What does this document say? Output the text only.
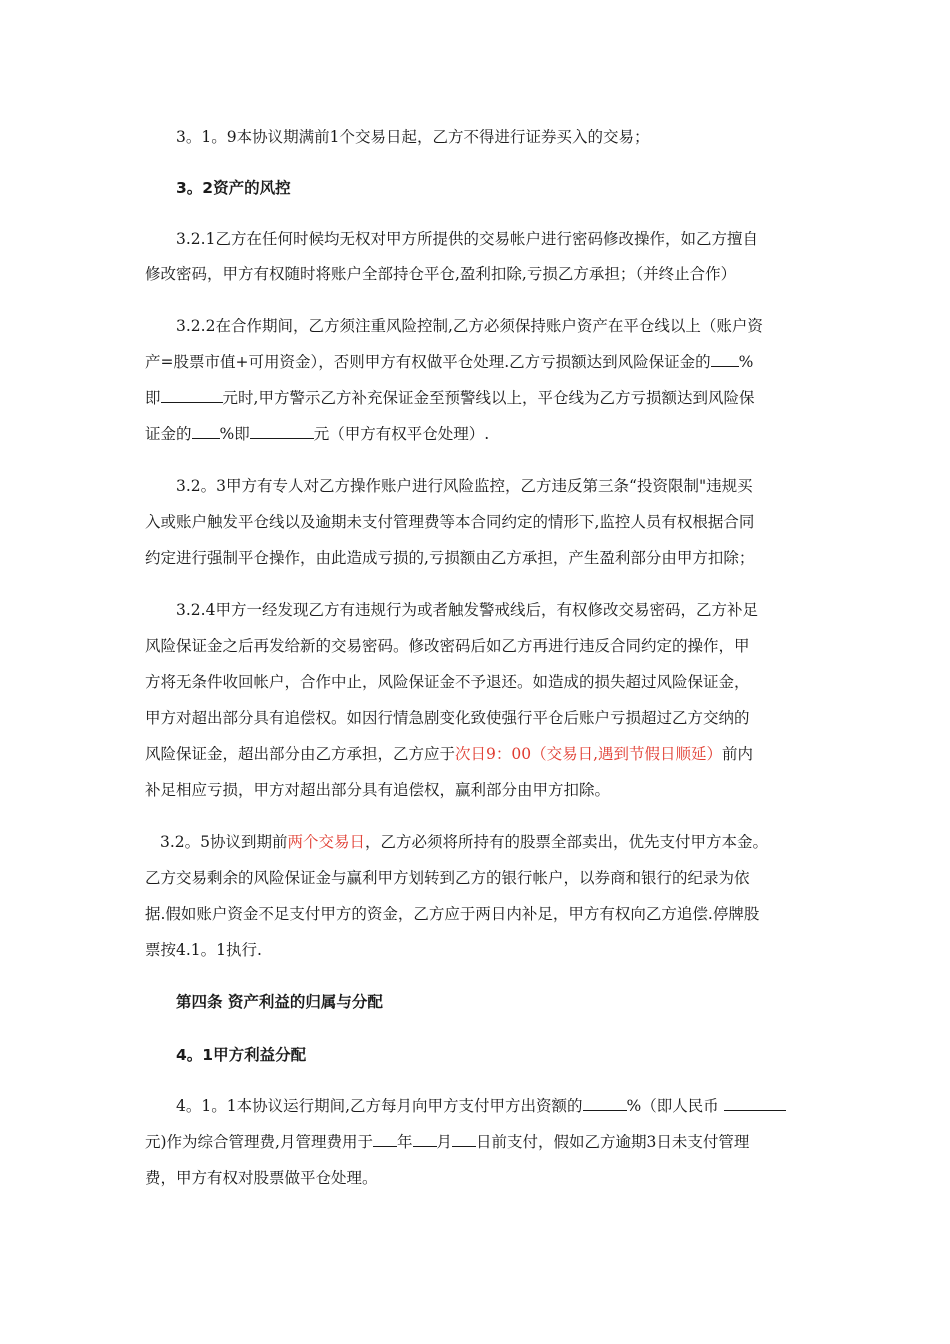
3。1。9本协议期满前1个交易日起，乙方不得进行证券买入的交易；
3。2资产的风控
3.2.1乙方在任何时候均无权对甲方所提供的交易帐户进行密码修改操作，如乙方擅自
修改密码，甲方有权随时将账户全部持仓平仓,盈利扣除,亏损乙方承担；（并终止合作）
3.2.2在合作期间，乙方须注重风险控制,乙方必须保持账户资产在平仓线以上（账户资
产=股票市值+可用资金），否则甲方有权做平仓处理.乙方亏损额达到风险保证金的 %
即	元时,甲方警示乙方补充保证金至预警线以上，平仓线为乙方亏损额达到风险保
证金的 %即	元（甲方有权平仓处理）.
3.2。3甲方有专人对乙方操作账户进行风险监控，乙方违反第三条“投资限制"违规买
入或账户触发平仓线以及逾期未支付管理费等本合同约定的情形下,监控人员有权根据合同
约定进行强制平仓操作，由此造成亏损的,亏损额由乙方承担，产生盈利部分由甲方扣除；
3.2.4甲方一经发现乙方有违规行为或者触发警戒线后，有权修改交易密码，乙方补足
风险保证金之后再发给新的交易密码。修改密码后如乙方再进行违反合同约定的操作，甲
方将无条件收回帐户，合作中止，风险保证金不予退还。如造成的损失超过风险保证金，
甲方对超出部分具有追偿权。如因行情急剧变化致使强行平仓后账户亏损超过乙方交纳的
风险保证金，超出部分由乙方承担，乙方应于次日9：00（交易日,遇到节假日顺延）前内
补足相应亏损，甲方对超出部分具有追偿权，赢利部分由甲方扣除。
3.2。5协议到期前两个交易日，乙方必须将所持有的股票全部卖出，优先支付甲方本金。
乙方交易剩余的风险保证金与赢利甲方划转到乙方的银行帐户，以券商和银行的纪录为依
据.假如账户资金不足支付甲方的资金，乙方应于两日内补足，甲方有权向乙方追偿.停牌股
票按4.1。1执行.
第四条 资产利益的归属与分配
4。1甲方利益分配
4。1。1本协议运行期间,乙方每月向甲方支付甲方出资额的	%（即人民币
元)作为综合管理费,月管理费用于 年 月 日前支付，假如乙方逾期3日未支付管理
费，甲方有权对股票做平仓处理。
